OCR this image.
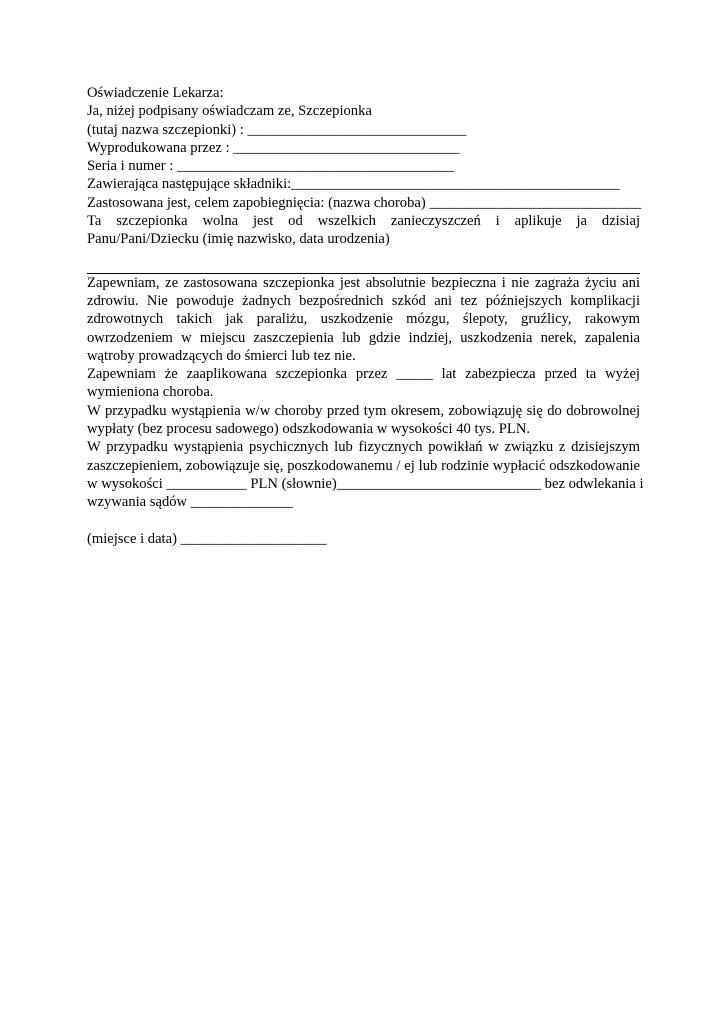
Oświadczenie Lekarza:
Ja, niżej podpisany oświadczam ze, Szczepionka
(tutaj nazwa szczepionki) : ______________________________
Wyprodukowana przez : _______________________________
Seria i numer : ______________________________________
Zawierająca następujące składniki:_____________________________________________
Zastosowana jest, celem zapobiegnięcia: (nazwa choroba) _____________________________
Ta szczepionka wolna jest od wszelkich zanieczyszczeń i aplikuje ja dzisiaj
Panu/Pani/Dziecku (imię nazwisko, data urodzenia)
Zapewniam, ze zastosowana szczepionka jest absolutnie bezpieczna i nie zagraża życiu ani
zdrowiu. Nie powoduje żadnych bezpośrednich szkód ani tez późniejszych komplikacji
zdrowotnych takich jak paraliżu, uszkodzenie mózgu, ślepoty, gruźlicy, rakowym
owrzodzeniem w miejscu zaszczepienia lub gdzie indziej, uszkodzenia nerek, zapalenia
wątroby prowadzących do śmierci lub tez nie.
Zapewniam że zaaplikowana szczepionka przez _____ lat zabezpiecza przed ta wyżej
wymieniona choroba.
W przypadku wystąpienia w/w choroby przed tym okresem, zobowiązuję się do dobrowolnej
wypłaty (bez procesu sadowego) odszkodowania w wysokości 40 tys. PLN.
W przypadku wystąpienia psychicznych lub fizycznych powikłań w związku z dzisiejszym
zaszczepieniem, zobowiązuje się, poszkodowanemu / ej lub rodzinie wypłacić odszkodowanie
w wysokości ___________ PLN (słownie)____________________________ bez odwlekania i
wzywania sądów ______________
(miejsce i data) ____________________
